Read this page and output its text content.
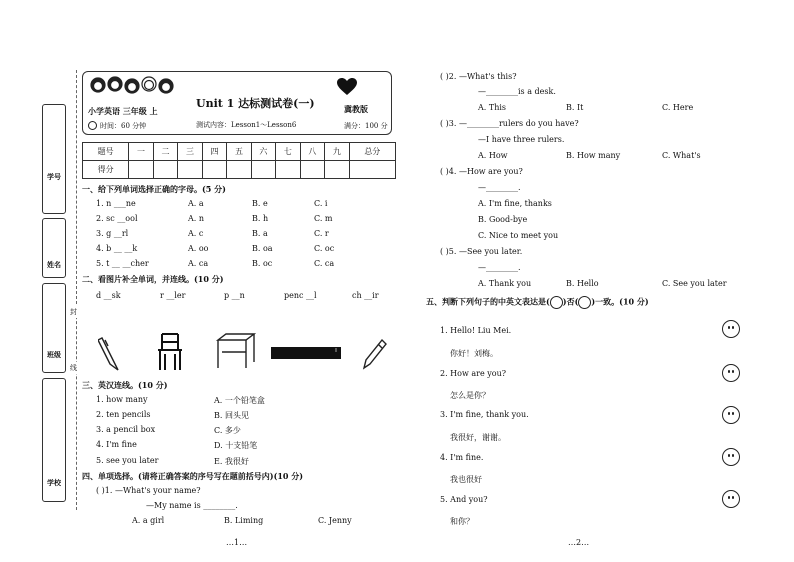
学号
姓名
班级
学校
封
线
小学英语 三年级 上
Unit 1 达标测试卷(一)	冀教版
时间：60 分钟	测试内容：Lesson1～Lesson6	满分：100 分
题号	一	二	三	四	五	六	七	八	九	总分
得分										
一、给下列单词选择正确的字母。(5 分)
1. n ___ne	A. a	B. e	C. i
2. sc __ool	A. n	B. h	C. m
3. g __rl	A. c	B. a	C. r
4. b __ __k	A. oo	B. oa	C. oc
5. t __ __cher	A. ca	B. oc	C. ca
二、看图片补全单词，并连线。(10 分)
d __sk	r __ler	p __n	penc __l	ch __ir
三、英汉连线。(10 分)
1. how many	A. 一个铅笔盒
2. ten pencils	B. 回头见
3. a pencil box	C. 多少
4. I'm fine	D. 十支铅笔
5. see you later	E. 我很好
四、单项选择。(请将正确答案的序号写在题前括号内)(10 分)
( )1. —What's your name?
—My name is ________.
A. a girl	B. Liming	C. Jenny
…1…
( )2. —What's this?
—________is a desk.
A. This	B. It	C. Here
( )3. —________rulers do you have?
—I have three rulers.
A. How	B. How many	C. What's
( )4. —How are you?
—________.
A. I'm fine, thanks
B. Good-bye
C. Nice to meet you
( )5. —See you later.
—________.
A. Thank you	B. Hello	C. See you later
五、判断下列句子的中英文表达是( )否( )一致。(10 分)
1. Hello! Liu Mei.
你好！刘梅。
2. How are you?
怎么是你？
3. I'm fine, thank you.
我很好，谢谢。
4. I'm fine.
我也很好
5. And you?
和你？
…2…
